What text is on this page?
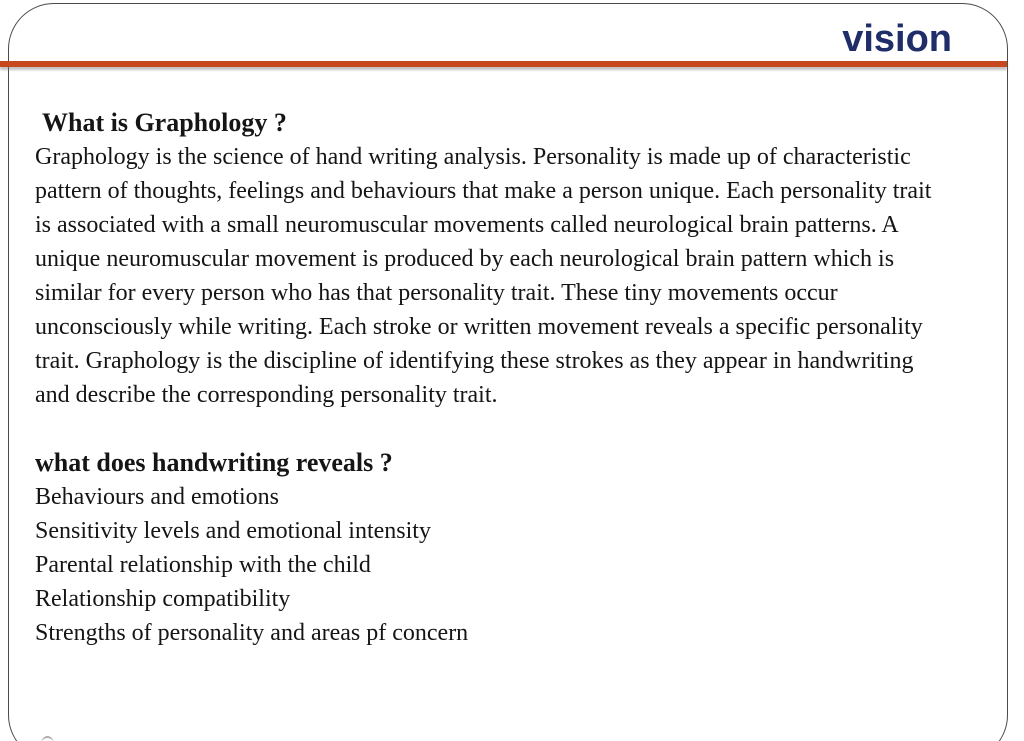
vision
What is Graphology ?
Graphology is the science of hand writing analysis. Personality is made up of characteristic
pattern of thoughts, feelings and behaviours that make a person unique. Each personality trait
is associated with a small neuromuscular movements called neurological brain patterns. A
unique neuromuscular movement is produced by each neurological brain pattern which is
similar for every person who has that personality trait. These tiny movements occur
unconsciously while writing. Each stroke or written movement reveals a specific personality
trait. Graphology is the discipline of identifying these strokes as they appear in handwriting
and describe the corresponding personality trait.
what does handwriting reveals ?
Behaviours and emotions
Sensitivity levels and emotional intensity
Parental relationship with the child
Relationship compatibility
Strengths of personality and areas pf concern
